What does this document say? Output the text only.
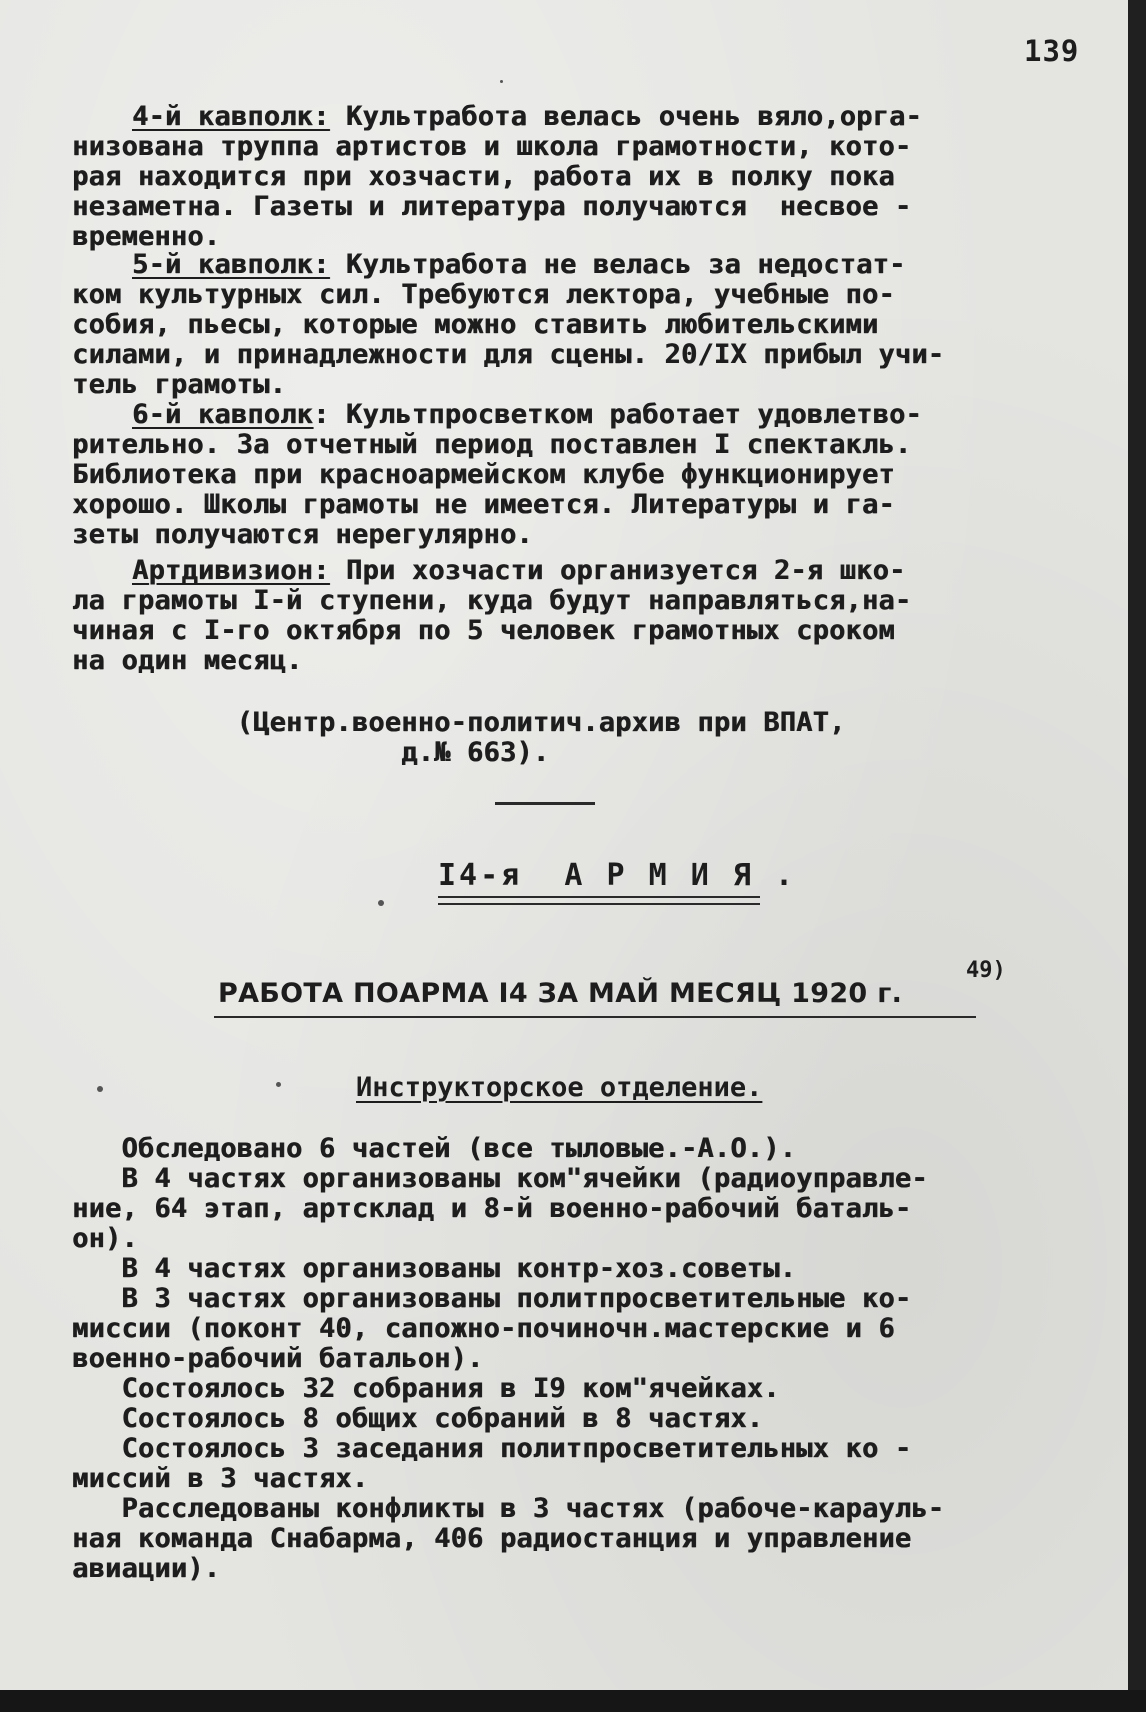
139
4-й кавполк: Культработа велась очень вяло,орга-
низована труппа артистов и школа грамотности, кото-
рая находится при хозчасти, работа их в полку пока
незаметна. Газеты и литература получаются  несвое -
временно.
5-й кавполк: Культработа не велась за недостат-
ком культурных сил. Требуются лектора, учебные по-
собия, пьесы, которые можно ставить любительскими
силами, и принадлежности для сцены. 20/IX прибыл учи-
тель грамоты.
6-й кавполк: Культпросветком работает удовлетво-
рительно. За отчетный период поставлен I спектакль.
Библиотека при красноармейском клубе функционирует
хорошо. Школы грамоты не имеется. Литературы и га-
зеты получаются нерегулярно.
Артдивизион: При хозчасти организуется 2-я шко-
ла грамоты I-й ступени, куда будут направляться,на-
чиная с I-го октября по 5 человек грамотных сроком
на один месяц.
(Центр.военно-политич.архив при ВПАТ,
д.№ 663).
I4-я  А Р М И Я .
РАБОТА ПОАРМА I4 ЗА МАЙ МЕСЯЦ 1920 г.
49)
Инструкторское отделение.
Обследовано 6 частей (все тыловые.-А.О.).
В 4 частях организованы ком"ячейки (радиоуправле-
ние, 64 этап, артсклад и 8-й военно-рабочий баталь-
он).
В 4 частях организованы контр-хоз.советы.
В 3 частях организованы политпросветительные ко-
миссии (поконт 40, сапожно-починочн.мастерские и 6
военно-рабочий батальон).
Состоялось 32 собрания в I9 ком"ячейках.
Состоялось 8 общих собраний в 8 частях.
Состоялось 3 заседания политпросветительных ко -
миссий в 3 частях.
Расследованы конфликты в 3 частях (рабоче-карауль-
ная команда Снабарма, 406 радиостанция и управление
авиации).
